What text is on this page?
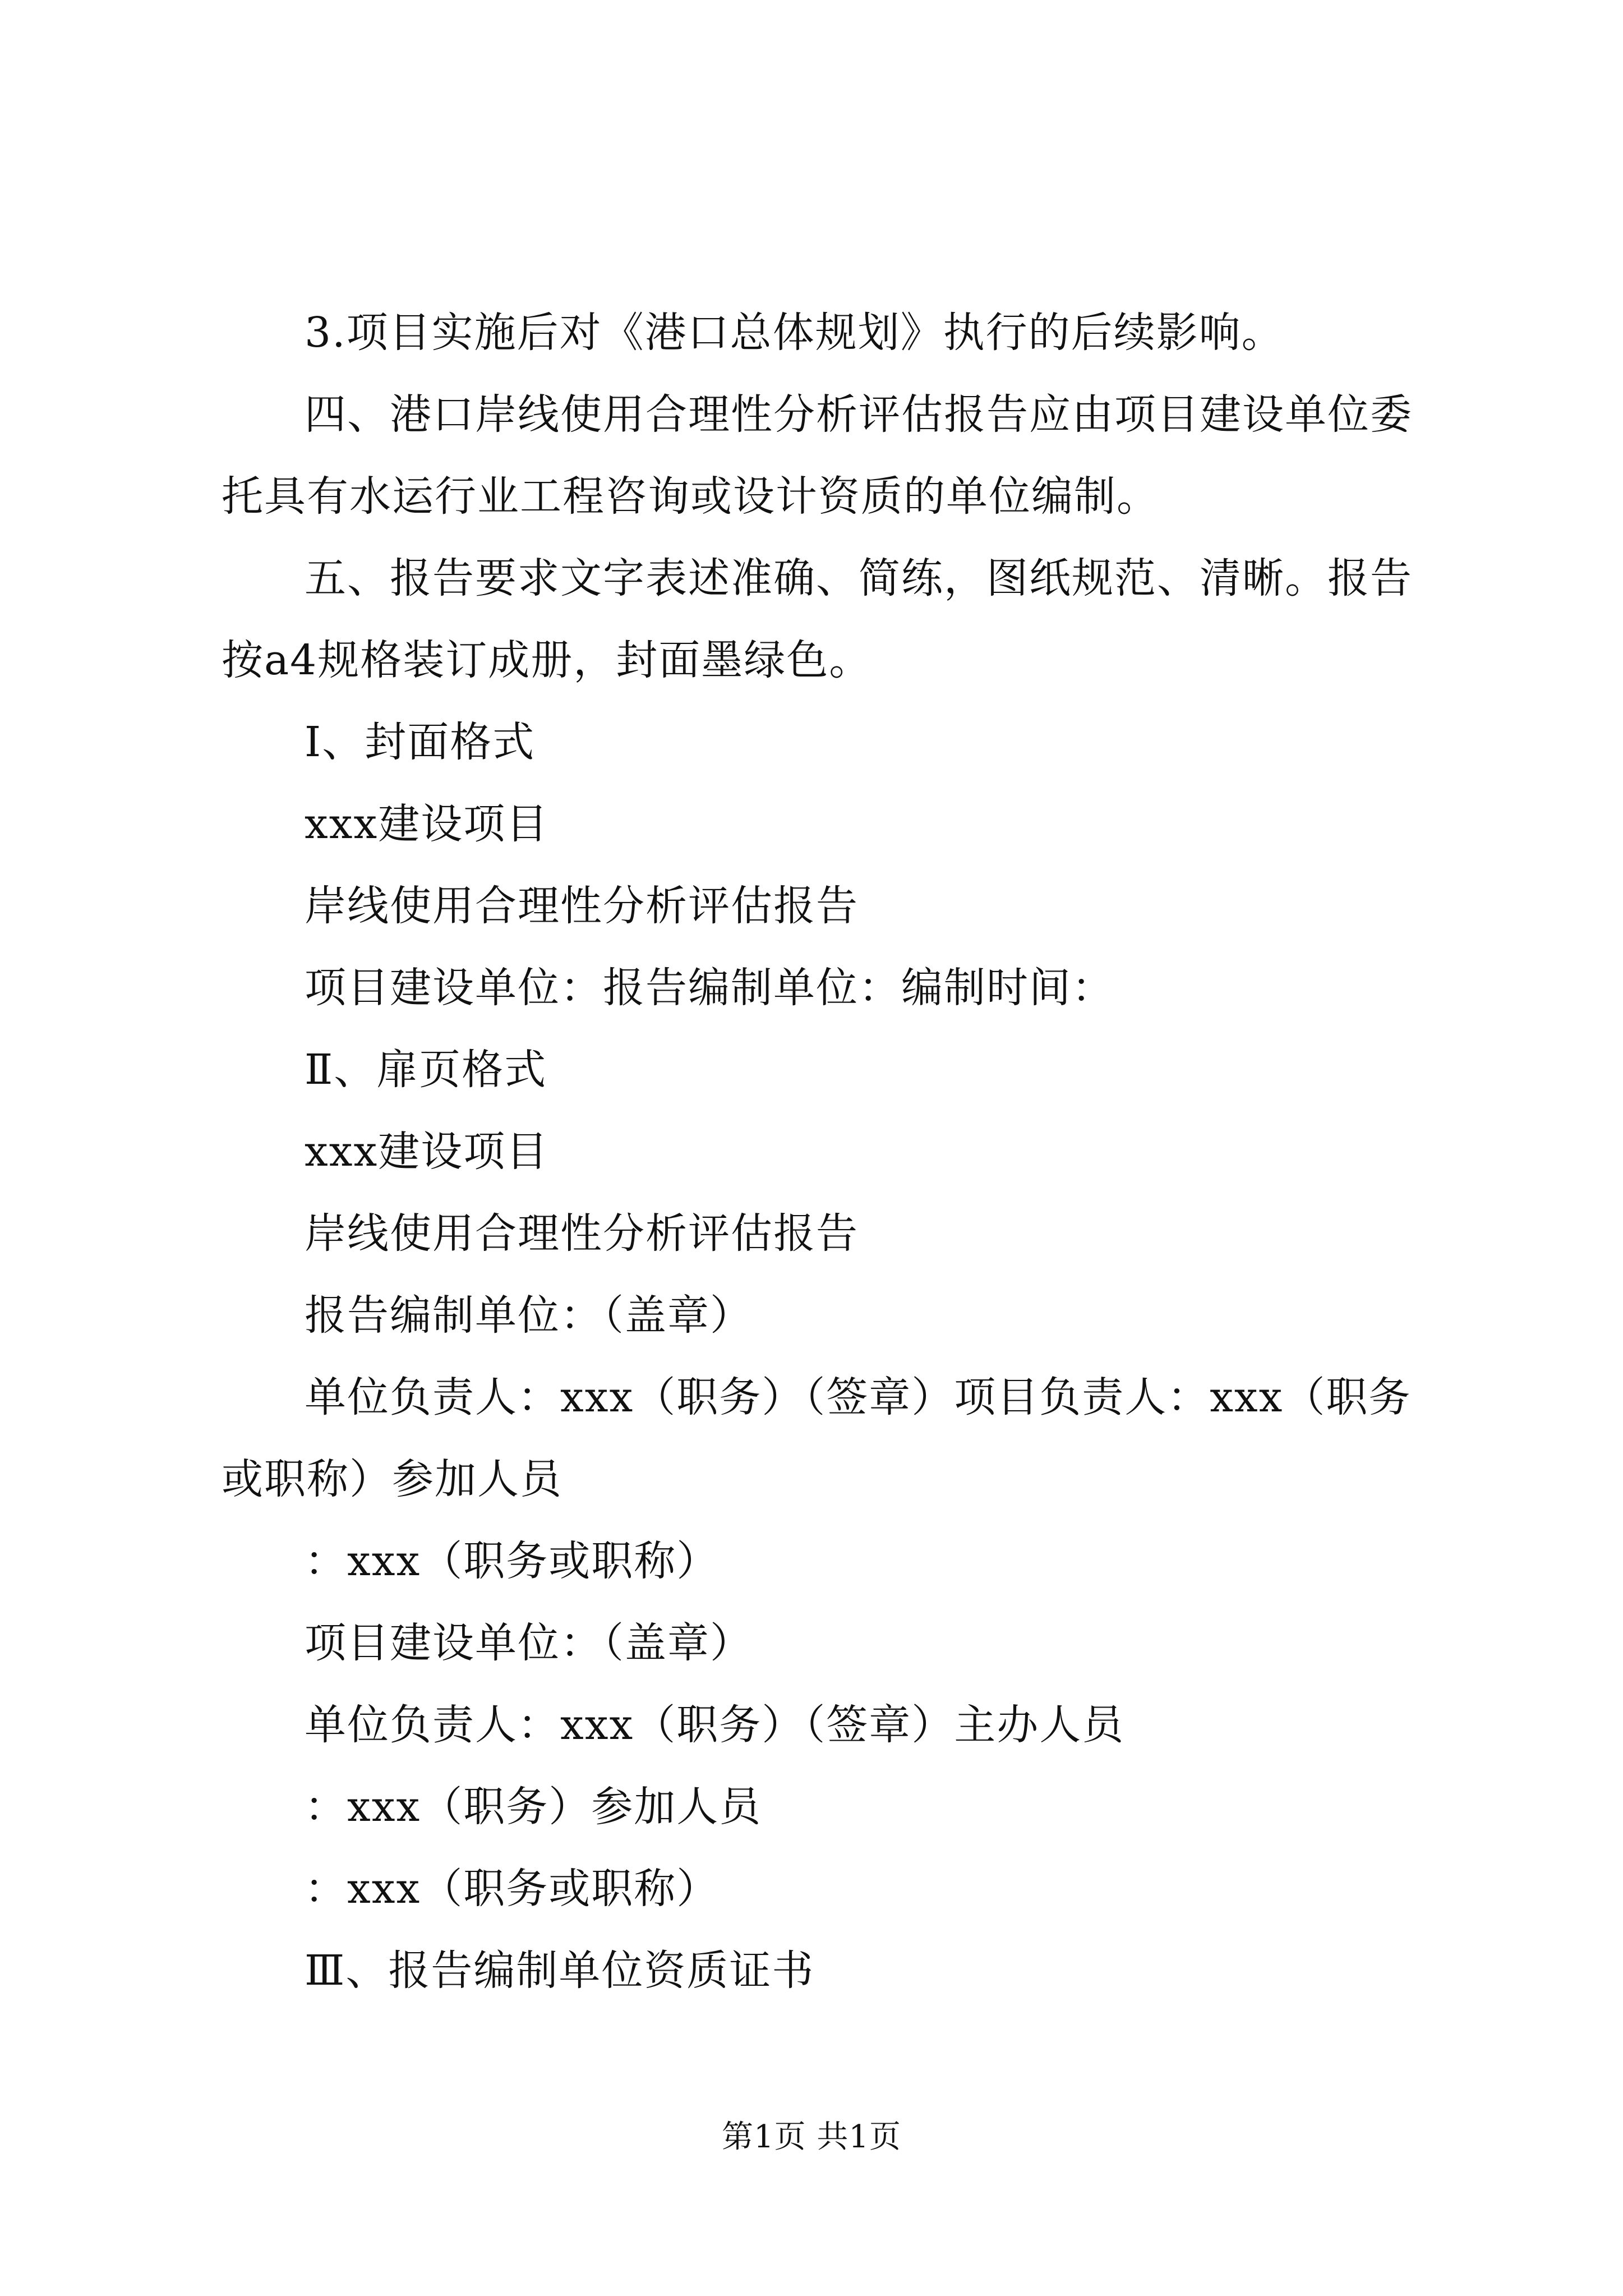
3.项目实施后对《港口总体规划》执行的后续影响。

四、港口岸线使用合理性分析评估报告应由项目建设单位委托具有水运行业工程咨询或设计资质的单位编制。

五、报告要求文字表述准确、简练，图纸规范、清晰。报告按a4规格装订成册，封面墨绿色。

Ⅰ、封面格式

xxx建设项目

岸线使用合理性分析评估报告

项目建设单位：报告编制单位：编制时间：

Ⅱ、扉页格式

xxx建设项目

岸线使用合理性分析评估报告

报告编制单位：（盖章）

单位负责人：xxx（职务）（签章）项目负责人：xxx（职务或职称）参加人员

：xxx（职务或职称）

项目建设单位：（盖章）

单位负责人：xxx（职务）（签章）主办人员

：xxx（职务）参加人员

：xxx（职务或职称）

Ⅲ、报告编制单位资质证书

第1页 共1页
